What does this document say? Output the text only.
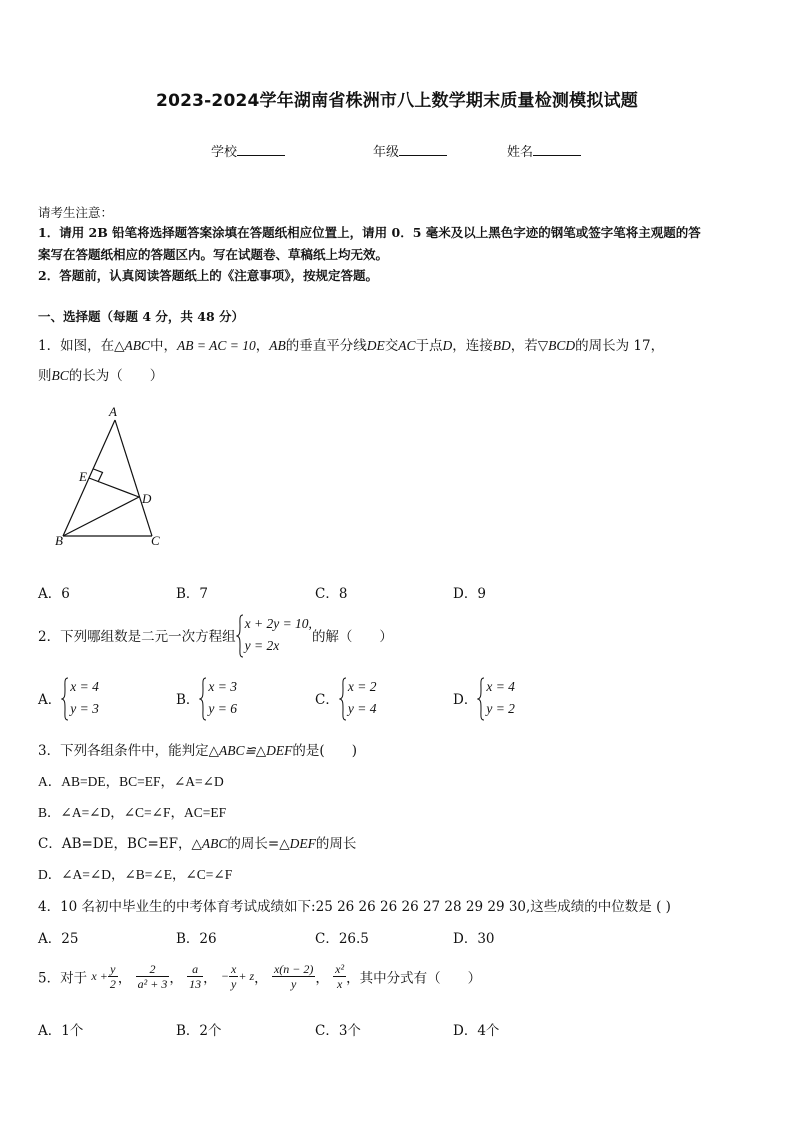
2023-2024学年湖南省株洲市八上数学期末质量检测模拟试题
学校	年级	姓名
请考生注意：
1．请用 2B 铅笔将选择题答案涂填在答题纸相应位置上，请用 0．5 毫米及以上黑色字迹的钢笔或签字笔将主观题的答
案写在答题纸相应的答题区内。写在试题卷、草稿纸上均无效。
2．答题前，认真阅读答题纸上的《注意事项》，按规定答题。
一、选择题（每题 4 分，共 48 分）
1．如图，在△ABC中，AB = AC = 10，AB的垂直平分线DE交AC于点D，连接BD，若▽BCD的周长为 17，
则BC的长为（　　）
A
E
D
B	C
A．6	B．7	C．8	D．9
2．下列哪组数是二元一次方程组
x + 2y = 10,
y = 2x
的解（　　）
A．
x = 4
y = 3
B．
x = 3
y = 6
C．
x = 2
y = 4
D．
x = 4
y = 2
3．下列各组条件中，能判定△ABC≌△DEF的是(　　)
A．AB=DE，BC=EF，∠A=∠D
B．∠A=∠D，∠C=∠F，AC=EF
C．AB=DE，BC=EF，△ABC的周长=△DEF的周长
D．∠A=∠D，∠B=∠E，∠C=∠F
4．10 名初中毕业生的中考体育考试成绩如下:25 26 26 26 26 27 28 29 29 30,这些成绩的中位数是 ( )
A．25	B．26	C．26.5	D．30
5．对于 $x + \frac{y}{2}$ ， $\frac{2}{\text{a² + 3}}$ ， $\frac{a}{13}$ ， − $\frac{x}{y} + z$， $\frac{x(n - 2)}{y}$ ， $\frac{\text{x²}}{x}$ ，其中分式有（　　）
A．1个	B．2个	C．3个	D．4个
